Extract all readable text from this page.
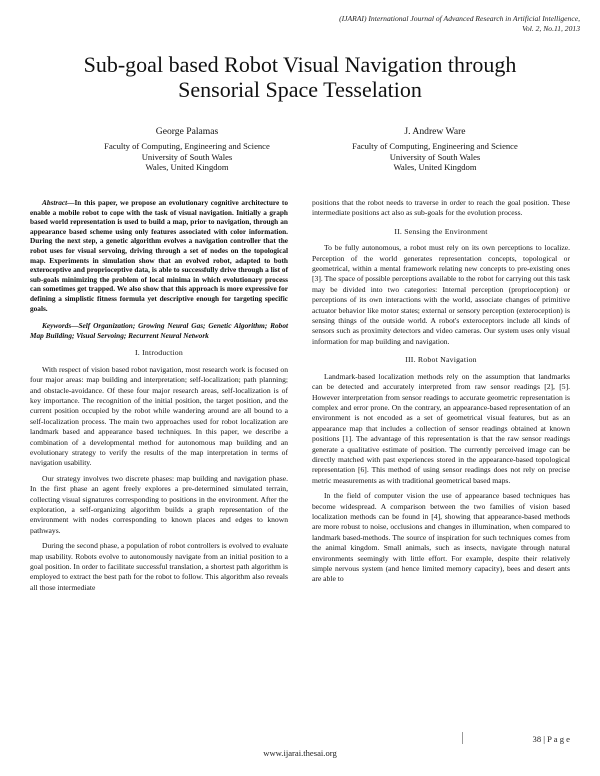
(IJARAI) International Journal of Advanced Research in Artificial Intelligence,
Vol. 2, No.11, 2013
Sub-goal based Robot Visual Navigation through
Sensorial Space Tesselation
George Palamas
Faculty of Computing, Engineering and Science
University of South Wales
Wales, United Kingdom
J. Andrew Ware
Faculty of Computing, Engineering and Science
University of South Wales
Wales, United Kingdom

Abstract—In this paper, we propose an evolutionary cognitive architecture to enable a mobile robot to cope with the task of visual navigation. Initially a graph based world representation is used to build a map, prior to navigation, through an appearance based scheme using only features associated with color information. During the next step, a genetic algorithm evolves a navigation controller that the robot uses for visual servoing, driving through a set of nodes on the topological map. Experiments in simulation show that an evolved robot, adapted to both exteroceptive and proprioceptive data, is able to successfully drive through a list of sub-goals minimizing the problem of local minima in which evolutionary process can sometimes get trapped. We also show that this approach is more expressive for defining a simplistic fitness formula yet descriptive enough for targeting specific goals.

Keywords—Self Organization; Growing Neural Gas; Genetic Algorithm; Robot Map Building; Visual Servoing; Recurrent Neural Network

I. Introduction

With respect of vision based robot navigation, most research work is focused on four major areas: map building and interpretation; self-localization; path planning; and obstacle-avoidance. Of these four major research areas, self-localization is of key importance. The recognition of the initial position, the target position, and the current position occupied by the robot while wandering around are all bound to a self-localization process. The main two approaches used for robot localization are landmark based and appearance based techniques. In this paper, we describe a combination of a developmental method for autonomous map building and an evolutionary strategy to verify the results of the map interpretation in terms of navigation usability.

Our strategy involves two discrete phases: map building and navigation phase. In the first phase an agent freely explores a pre-determined simulated terrain, collecting visual signatures corresponding to positions in the environment. After the exploration, a self-organizing algorithm builds a graph representation of the environment with nodes corresponding to known places and edges to known pathways.

During the second phase, a population of robot controllers is evolved to evaluate map usability. Robots evolve to autonomously navigate from an initial position to a goal position. In order to facilitate successful translation, a shortest path algorithm is employed to extract the best path for the robot to follow. This algorithm also reveals all those intermediate

positions that the robot needs to traverse in order to reach the goal position. These intermediate positions act also as sub-goals for the evolution process.

II. Sensing the Environment

To be fully autonomous, a robot must rely on its own perceptions to localize. Perception of the world generates representation concepts, topological or geometrical, within a mental framework relating new concepts to pre-existing ones [3]. The space of possible perceptions available to the robot for carrying out this task may be divided into two categories: Internal perception (proprioception) or perceptions of its own interactions with the world, associate changes of primitive actuator behavior like motor states; external or sensory perception (exteroception) is sensing things of the outside world. A robot's exteroceptors include all kinds of sensors such as proximity detectors and video cameras. Our system uses only visual information for map building and navigation.

III. Robot Navigation

Landmark-based localization methods rely on the assumption that landmarks can be detected and accurately interpreted from raw sensor readings [2], [5]. However interpretation from sensor readings to accurate geometric representation is complex and error prone. On the contrary, an appearance-based representation of an environment is not encoded as a set of geometrical visual features, but as an appearance map that includes a collection of sensor readings obtained at known positions [1]. The advantage of this representation is that the raw sensor readings generate a qualitative estimate of position. The currently perceived image can be directly matched with past experiences stored in the appearance-based topological representation [6]. This method of using sensor readings does not rely on precise metric measurements as with traditional geometrical based maps.

In the field of computer vision the use of appearance based techniques has become widespread. A comparison between the two families of vision based localization methods can be found in [4], showing that appearance-based methods are more robust to noise, occlusions and changes in illumination, when compared to landmark based-methods. The source of inspiration for such techniques comes from the animal kingdom. Small animals, such as insects, navigate through natural environments seemingly with little effort. For example, despite their relatively simple nervous system (and hence limited memory capacity), bees and desert ants are able to

38 | P a g e
www.ijarai.thesai.org
